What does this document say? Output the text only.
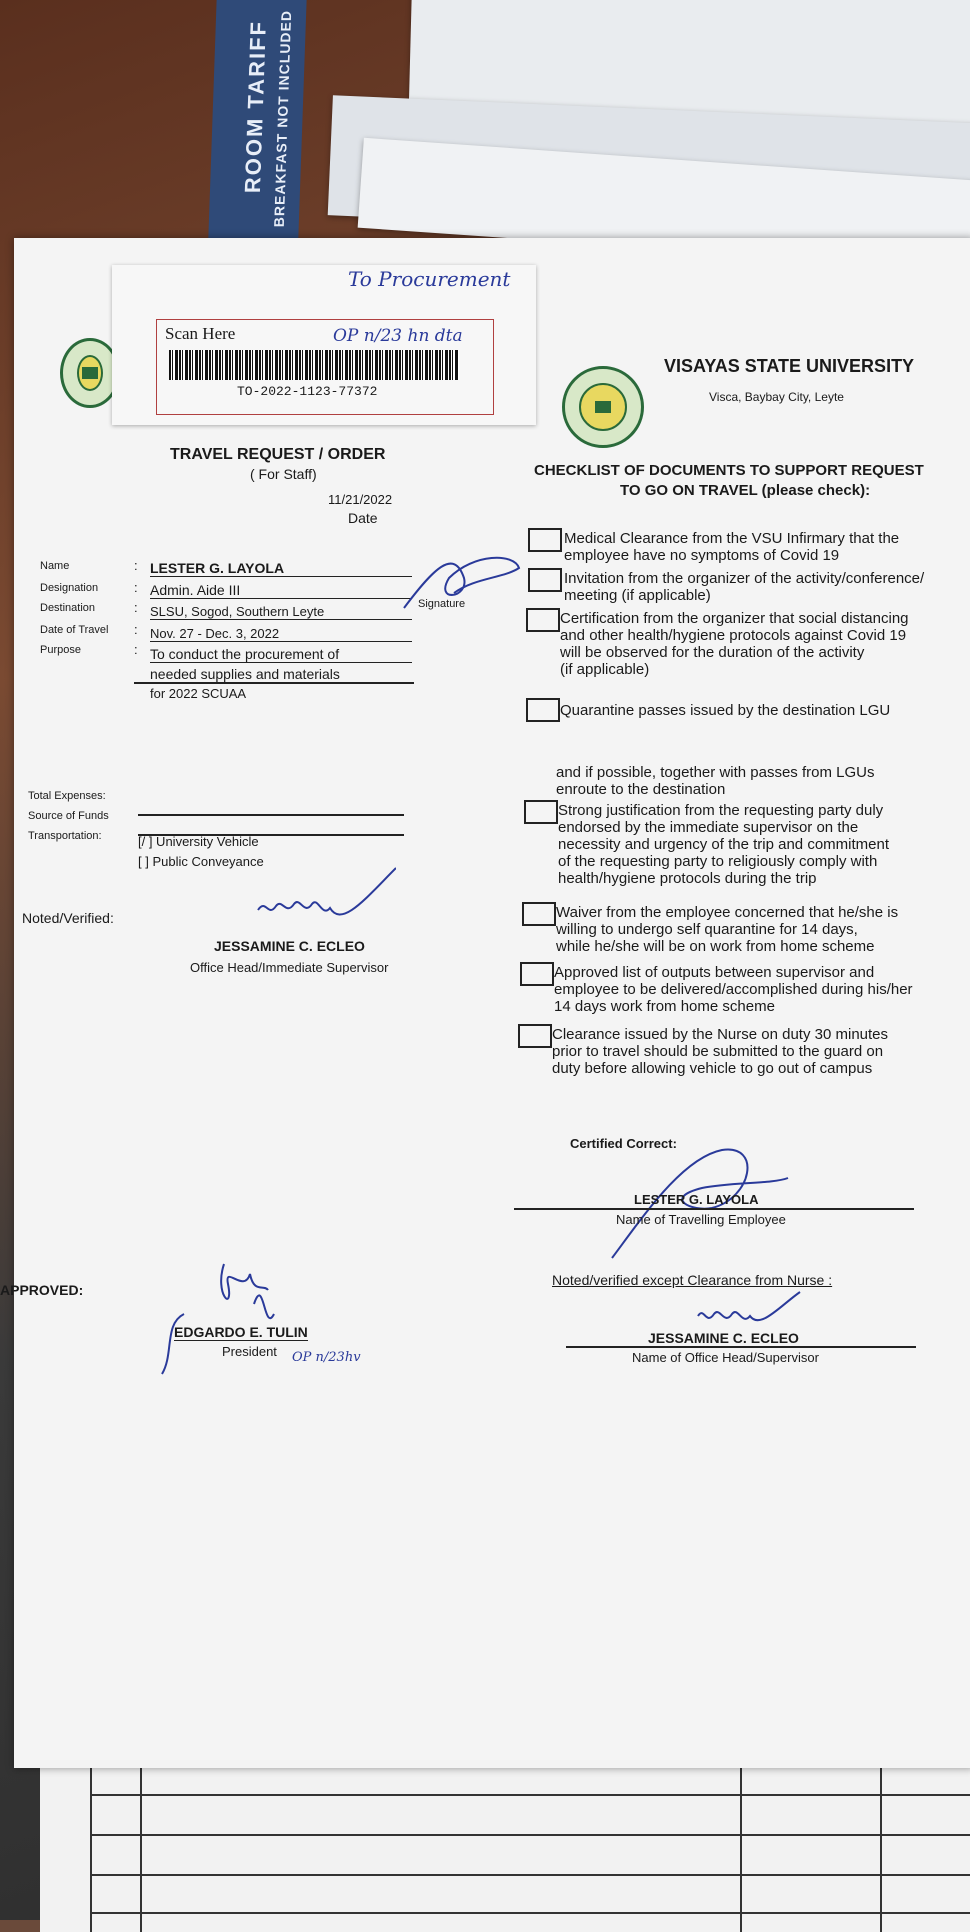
ROOM TARIFF BREAKFAST NOT INCLUDED
VISAYAS STATE UNIVERSITY
Visca, Baybay City, Leyte
TRAVEL REQUEST / ORDER
( For Staff)
11/21/2022
Date
Name
Designation
Destination
Date of Travel
Purpose
:
:
:
:
:
LESTER G. LAYOLA
Admin. Aide III
SLSU, Sogod, Southern Leyte
Nov. 27 - Dec. 3, 2022
To conduct the procurement of
needed supplies and materials
for 2022 SCUAA
Signature
Total Expenses:
Source of Funds
Transportation:	[/ ] University Vehicle
[ ] Public Conveyance
Noted/Verified:
JESSAMINE C. ECLEO
Office Head/Immediate Supervisor
APPROVED:
EDGARDO E. TULIN
President OP n/23hv
CHECKLIST OF DOCUMENTS TO SUPPORT REQUEST
TO GO ON TRAVEL (please check):
Medical Clearance from the VSU Infirmary that the
employee have no symptoms of Covid 19
Invitation from the organizer of the activity/conference/
meeting (if applicable)
Certification from the organizer that social distancing
and other health/hygiene protocols against Covid 19
will be observed for the duration of the activity
(if applicable)
Quarantine passes issued by the destination LGU
and if possible, together with passes from LGUs
enroute to the destination
Strong justification from the requesting party duly
endorsed by the immediate supervisor on the
necessity and urgency of the trip and commitment
of the requesting party to religiously comply with
health/hygiene protocols during the trip
Waiver from the employee concerned that he/she is
willing to undergo self quarantine for 14 days,
while he/she will be on work from home scheme
Approved list of outputs between supervisor and
employee to be delivered/accomplished during his/her
14 days work from home scheme
Clearance issued by the Nurse on duty 30 minutes
prior to travel should be submitted to the guard on
duty before allowing vehicle to go out of campus
Certified Correct:
LESTER G. LAYOLA
Name of Travelling Employee
Noted/verified except Clearance from Nurse :
JESSAMINE C. ECLEO
Name of Office Head/Supervisor
To Procurement
Scan Here	OP n/23 hn dta
TO-2022-1123-77372
